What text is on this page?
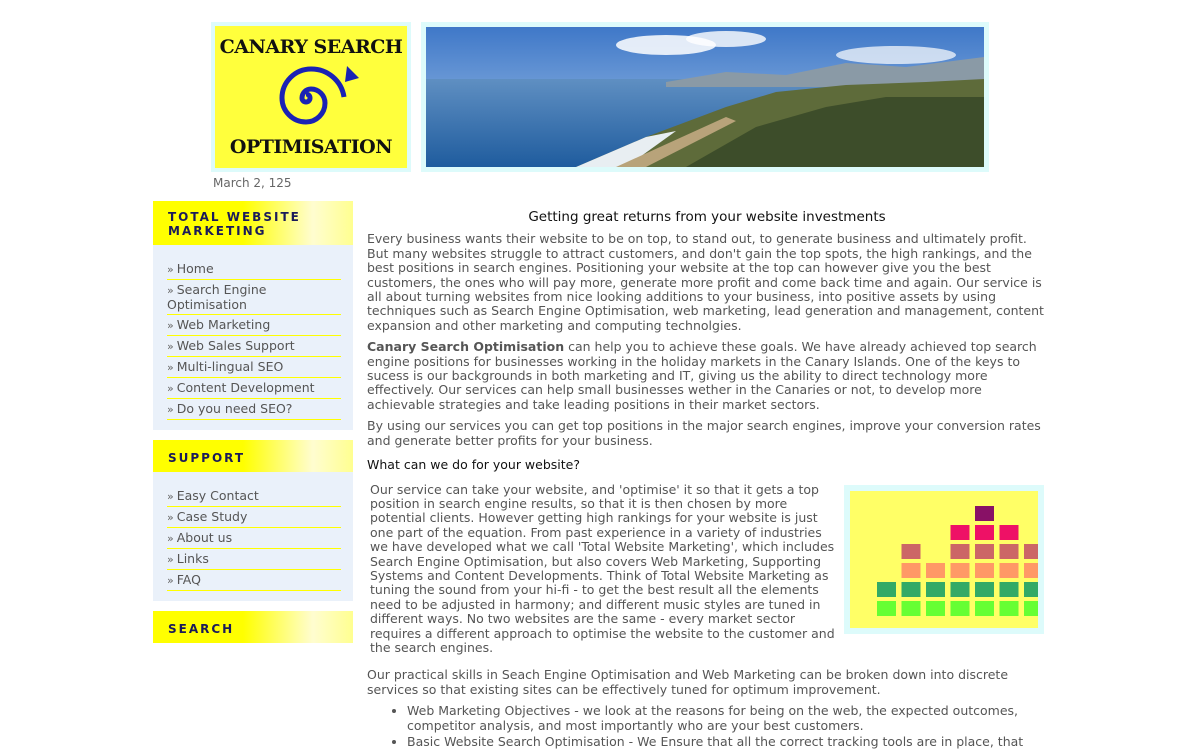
CANARY SEARCH
OPTIMISATION
March 2, 125
TOTAL WEBSITE MARKETING
» Home
» Search Engine Optimisation
» Web Marketing
» Web Sales Support
» Multi-lingual SEO
» Content Development
» Do you need SEO?
SUPPORT
» Easy Contact
» Case Study
» About us
» Links
» FAQ
SEARCH
Getting great returns from your website investments

Every business wants their website to be on top, to stand out, to generate business and ultimately profit. But many websites struggle to attract customers, and don't gain the top spots, the high rankings, and the best positions in search engines. Positioning your website at the top can however give you the best customers, the ones who will pay more, generate more profit and come back time and again. Our service is all about turning websites from nice looking additions to your business, into positive assets by using techniques such as Search Engine Optimisation, web marketing, lead generation and management, content expansion and other marketing and computing technolgies.

Canary Search Optimisation can help you to achieve these goals. We have already achieved top search engine positions for businesses working in the holiday markets in the Canary Islands. One of the keys to sucess is our backgrounds in both marketing and IT, giving us the ability to direct technology more effectively. Our services can help small businesses wether in the Canaries or not, to develop more achievable strategies and take leading positions in their market sectors.

By using our services you can get top positions in the major search engines, improve your conversion rates and generate better profits for your business.

What can we do for your website?

Our service can take your website, and 'optimise' it so that it gets a top position in search engine results, so that it is then chosen by more potential clients. However getting high rankings for your website is just one part of the equation. From past experience in a variety of industries we have developed what we call 'Total Website Marketing', which includes Search Engine Optimisation, but also covers Web Marketing, Supporting Systems and Content Developments. Think of Total Website Marketing as tuning the sound from your hi-fi - to get the best result all the elements need to be adjusted in harmony; and different music styles are tuned in different ways. No two websites are the same - every market sector requires a different approach to optimise the website to the customer and the search engines.

Our practical skills in Seach Engine Optimisation and Web Marketing can be broken down into discrete services so that existing sites can be effectively tuned for optimum improvement.

• Web Marketing Objectives - we look at the reasons for being on the web, the expected outcomes, competitor analysis, and most importantly who are your best customers.
• Basic Website Search Optimisation - We Ensure that all the correct tracking tools are in place, that
